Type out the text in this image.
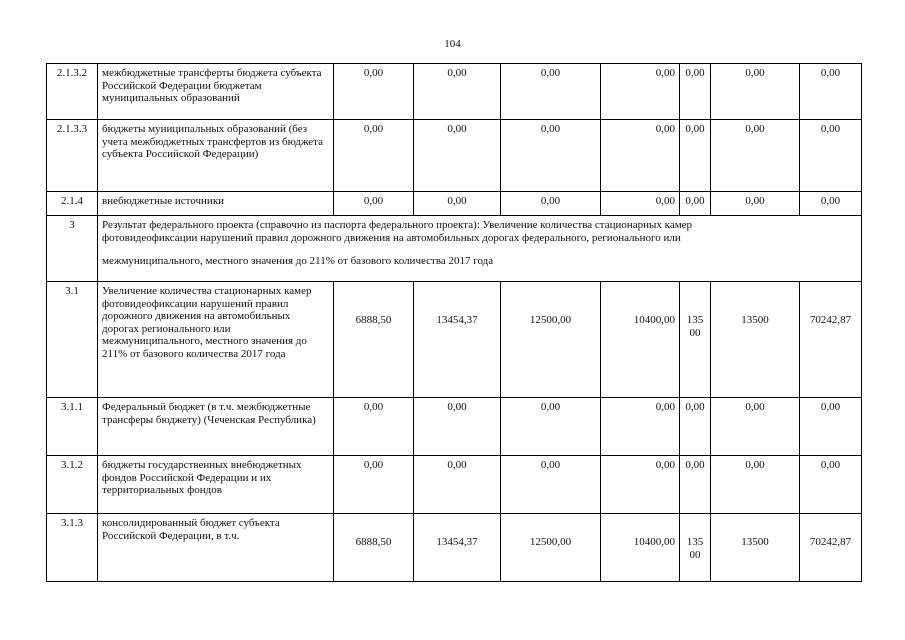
104
2.1.3.2	межбюджетные трансферты бюджета субъекта Российской Федерации бюджетам муниципальных образований	0,00	0,00	0,00	0,00	0,00	0,00	0,00
2.1.3.3	бюджеты муниципальных образований (без учета межбюджетных трансфертов из бюджета субъекта Российской Федерации)	0,00	0,00	0,00	0,00	0,00	0,00	0,00
2.1.4	внебюджетные источники	0,00	0,00	0,00	0,00	0,00	0,00	0,00
3	Результат федерального проекта (справочно из паспорта федерального проекта): Увеличение количества стационарных камер
фотовидеофиксации нарушений правил дорожного движения на автомобильных дорогах федерального, регионального или
межмуниципального, местного значения до 211% от базового количества 2017 года							

3.1	Увеличение количества стационарных камер фотовидеофиксации нарушений правил дорожного движения на автомобильных дорогах регионального или межмуниципального, местного значения до 211% от базового количества 2017 года	6888,50	13454,37	12500,00	10400,00	135 00	13500	70242,87
3.1.1	Федеральный бюджет (в т.ч. межбюджетные трансферы бюджету) (Чеченская Республика)	0,00	0,00	0,00	0,00	0,00	0,00	0,00
3.1.2	бюджеты государственных внебюджетных фондов Российской Федерации и их территориальных фондов	0,00	0,00	0,00	0,00	0,00	0,00	0,00
3.1.3	консолидированный бюджет субъекта Российской Федерации, в т.ч.	6888,50	13454,37	12500,00	10400,00	135 00	13500	70242,87
